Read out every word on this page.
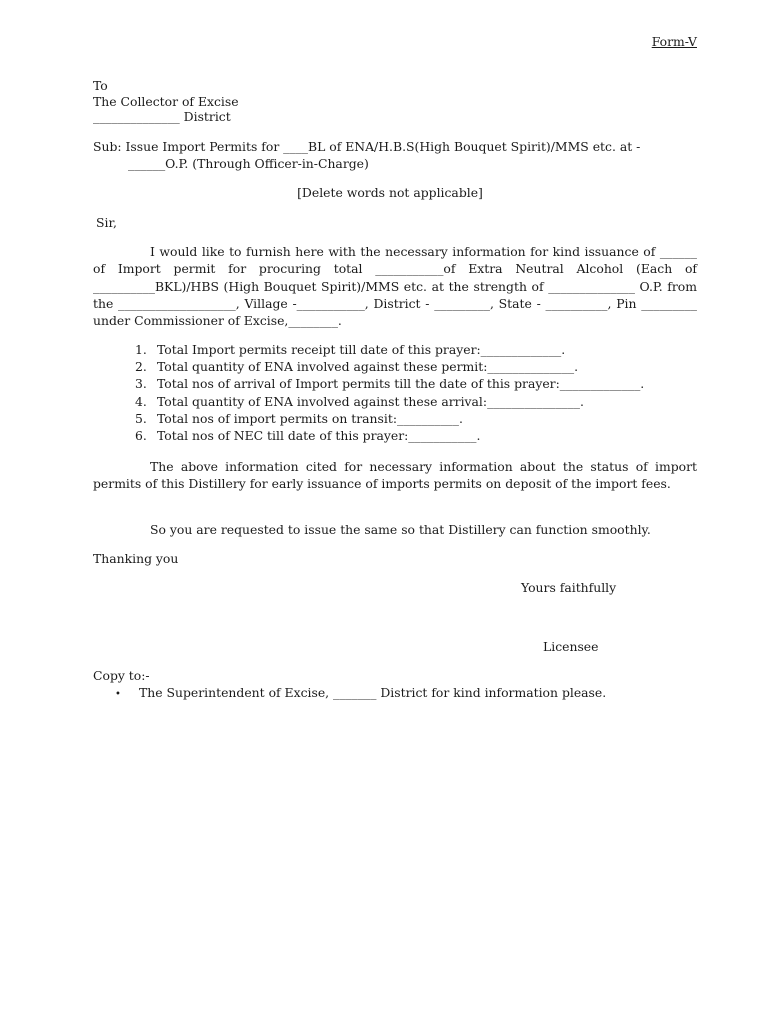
Form-V
To
The Collector of Excise
______________ District
Sub: Issue Import Permits for ____BL of ENA/H.B.S(High Bouquet Spirit)/MMS etc. at -
______O.P. (Through Officer-in-Charge)
[Delete words not applicable]
Sir,
I would like to furnish here with the necessary information for kind issuance of ______ of Import permit for procuring total ___________of Extra Neutral Alcohol (Each of __________BKL)/HBS (High Bouquet Spirit)/MMS etc. at the strength of ______________ O.P. from the ___________________, Village -___________, District - _________, State - __________, Pin _________ under Commissioner of Excise,________.
1. Total Import permits receipt till date of this prayer:_____________.
2. Total quantity of ENA involved against these permit:______________.
3. Total nos of arrival of Import permits till the date of this prayer:_____________.
4. Total quantity of ENA involved against these arrival:_______________.
5. Total nos of import permits on transit:__________.
6. Total nos of NEC till date of this prayer:___________.
The above information cited for necessary information about the status of import permits of this Distillery for early issuance of imports permits on deposit of the import fees.
So you are requested to issue the same so that Distillery can function smoothly.
Thanking you
Yours faithfully
Licensee
Copy to:-
• The Superintendent of Excise, _______ District for kind information please.
